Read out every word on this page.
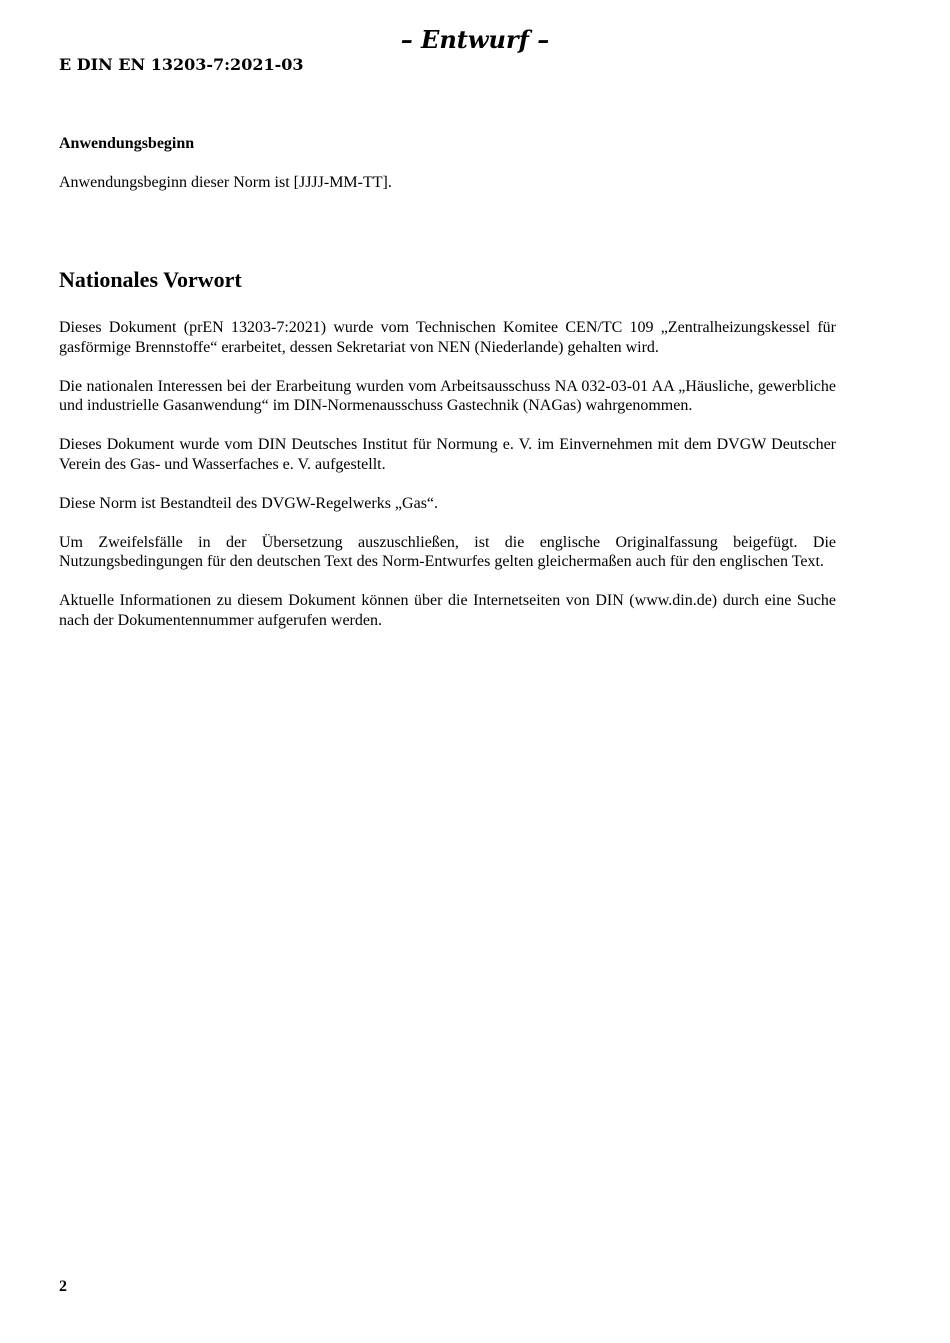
– Entwurf –
E DIN EN 13203-7:2021-03
Anwendungsbeginn
Anwendungsbeginn dieser Norm ist [JJJJ-MM-TT].
Nationales Vorwort

Dieses Dokument (prEN 13203-7:2021) wurde vom Technischen Komitee CEN/TC 109 „Zentralheizungskessel für gasförmige Brennstoffe“ erarbeitet, dessen Sekretariat von NEN (Niederlande) gehalten wird.

Die nationalen Interessen bei der Erarbeitung wurden vom Arbeitsausschuss NA 032-03-01 AA „Häusliche, gewerbliche und industrielle Gasanwendung“ im DIN-Normenausschuss Gastechnik (NAGas) wahrgenommen.

Dieses Dokument wurde vom DIN Deutsches Institut für Normung e. V. im Einvernehmen mit dem DVGW Deutscher Verein des Gas- und Wasserfaches e. V. aufgestellt.

Diese Norm ist Bestandteil des DVGW-Regelwerks „Gas“.

Um Zweifelsfälle in der Übersetzung auszuschließen, ist die englische Originalfassung beigefügt. Die Nutzungsbedingungen für den deutschen Text des Norm-Entwurfes gelten gleichermaßen auch für den englischen Text.

Aktuelle Informationen zu diesem Dokument können über die Internetseiten von DIN (www.din.de) durch eine Suche nach der Dokumentennummer aufgerufen werden.

2
